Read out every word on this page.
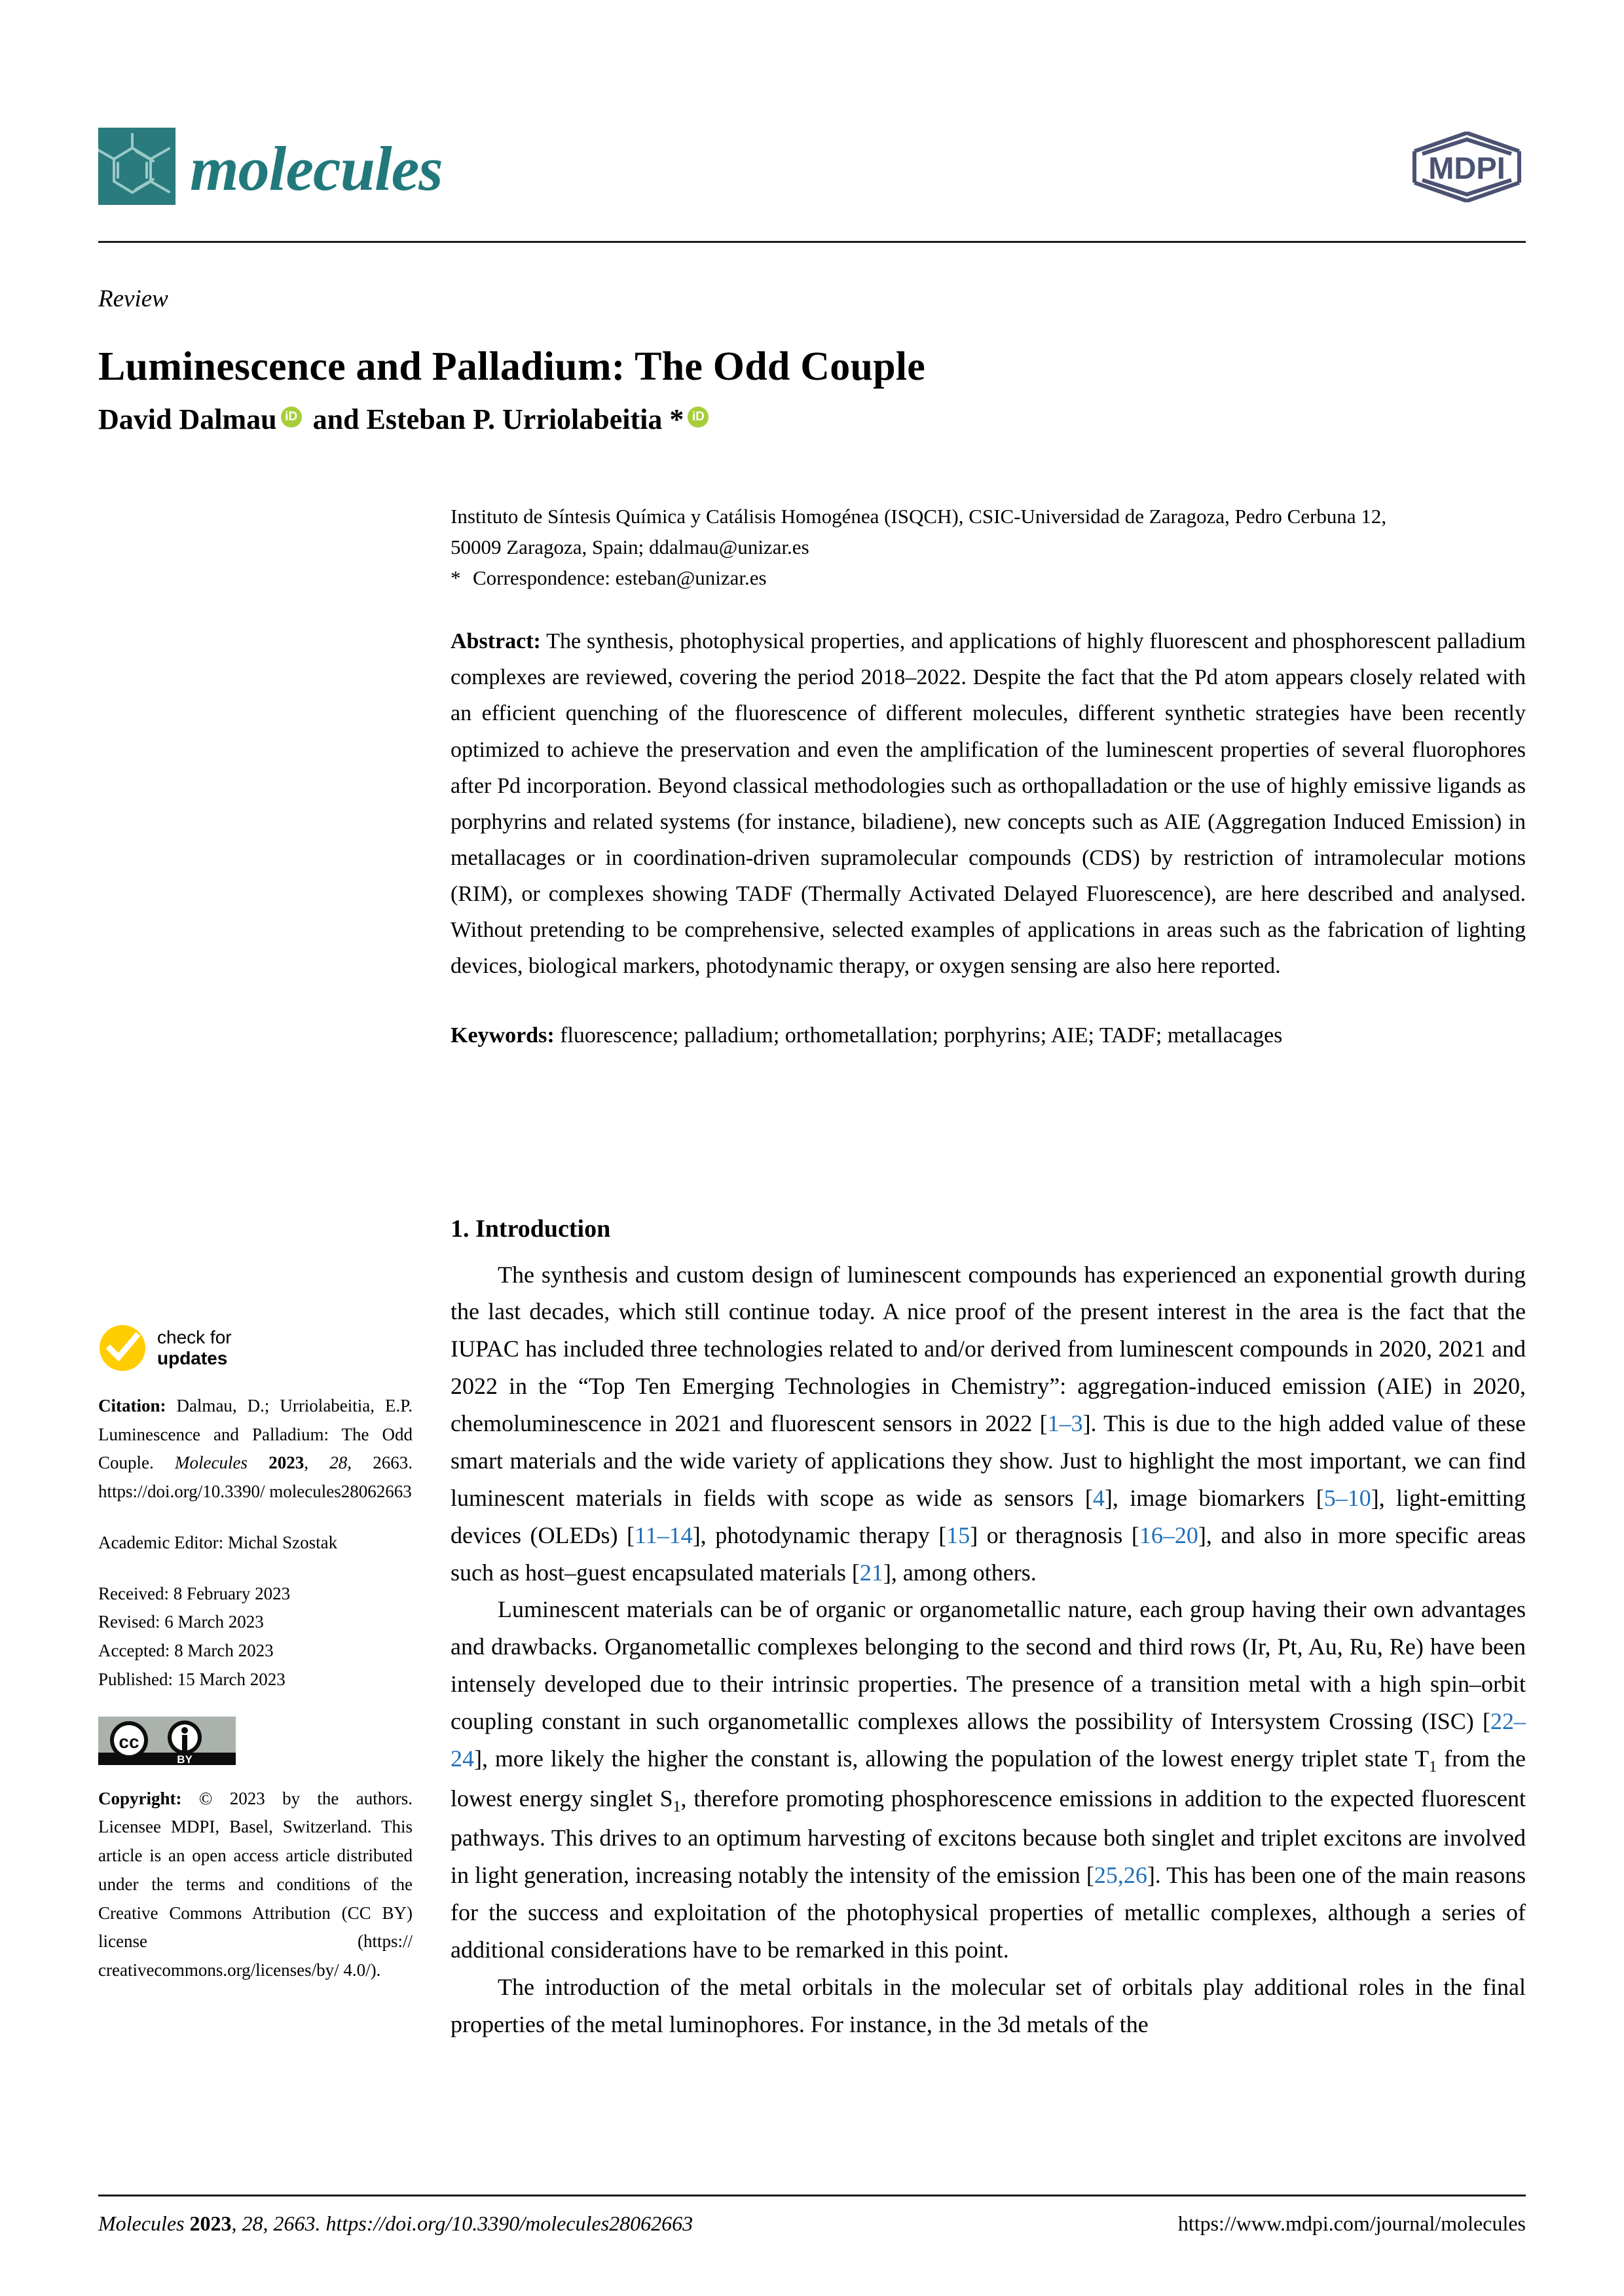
molecules	MDPI
Review
Luminescence and Palladium: The Odd Couple
David Dalmau iD and Esteban P. Urriolabeitia * iD

Instituto de Síntesis Química y Catálisis Homogénea (ISQCH), CSIC-Universidad de Zaragoza, Pedro Cerbuna 12,

50009 Zaragoza, Spain; ddalmau@unizar.es

* Correspondence: esteban@unizar.es
Abstract: The synthesis, photophysical properties, and applications of highly fluorescent and phosphorescent palladium complexes are reviewed, covering the period 2018–2022. Despite the fact that the Pd atom appears closely related with an efficient quenching of the fluorescence of different molecules, different synthetic strategies have been recently optimized to achieve the preservation and even the amplification of the luminescent properties of several fluorophores after Pd incorporation. Beyond classical methodologies such as orthopalladation or the use of highly emissive ligands as porphyrins and related systems (for instance, biladiene), new concepts such as AIE (Aggregation Induced Emission) in metallacages or in coordination-driven supramolecular compounds (CDS) by restriction of intramolecular motions (RIM), or complexes showing TADF (Thermally Activated Delayed Fluorescence), are here described and analysed. Without pretending to be comprehensive, selected examples of applications in areas such as the fabrication of lighting devices, biological markers, photodynamic therapy, or oxygen sensing are also here reported.
Keywords: fluorescence; palladium; orthometallation; porphyrins; AIE; TADF; metallacages
check for
updates
Citation: Dalmau, D.; Urriolabeitia, E.P. Luminescence and Palladium: The Odd Couple. Molecules 2023, 28, 2663. https://doi.org/10.3390/ molecules28062663
Academic Editor: Michal Szostak

Received: 8 February 2023

Revised: 6 March 2023

Accepted: 8 March 2023

Published: 15 March 2023

cc
BY
Copyright: © 2023 by the authors. Licensee MDPI, Basel, Switzerland. This article is an open access article distributed under the terms and conditions of the Creative Commons Attribution (CC BY) license (https:// creativecommons.org/licenses/by/ 4.0/).
1. Introduction

The synthesis and custom design of luminescent compounds has experienced an exponential growth during the last decades, which still continue today. A nice proof of the present interest in the area is the fact that the IUPAC has included three technologies related to and/or derived from luminescent compounds in 2020, 2021 and 2022 in the “Top Ten Emerging Technologies in Chemistry”: aggregation-induced emission (AIE) in 2020, chemoluminescence in 2021 and fluorescent sensors in 2022 [1–3]. This is due to the high added value of these smart materials and the wide variety of applications they show. Just to highlight the most important, we can find luminescent materials in fields with scope as wide as sensors [4], image biomarkers [5–10], light-emitting devices (OLEDs) [11–14], photodynamic therapy [15] or theragnosis [16–20], and also in more specific areas such as host–guest encapsulated materials [21], among others.

Luminescent materials can be of organic or organometallic nature, each group having their own advantages and drawbacks. Organometallic complexes belonging to the second and third rows (Ir, Pt, Au, Ru, Re) have been intensely developed due to their intrinsic properties. The presence of a transition metal with a high spin–orbit coupling constant in such organometallic complexes allows the possibility of Intersystem Crossing (ISC) [22–24], more likely the higher the constant is, allowing the population of the lowest energy triplet state $T_1$ from the lowest energy singlet $S_1$, therefore promoting phosphorescence emissions in addition to the expected fluorescent pathways. This drives to an optimum harvesting of excitons because both singlet and triplet excitons are involved in light generation, increasing notably the intensity of the emission [25,26]. This has been one of the main reasons for the success and exploitation of the photophysical properties of metallic complexes, although a series of additional considerations have to be remarked in this point.

The introduction of the metal orbitals in the molecular set of orbitals play additional roles in the final properties of the metal luminophores. For instance, in the 3d metals of the

Molecules 2023, 28, 2663. https://doi.org/10.3390/molecules28062663	https://www.mdpi.com/journal/molecules
